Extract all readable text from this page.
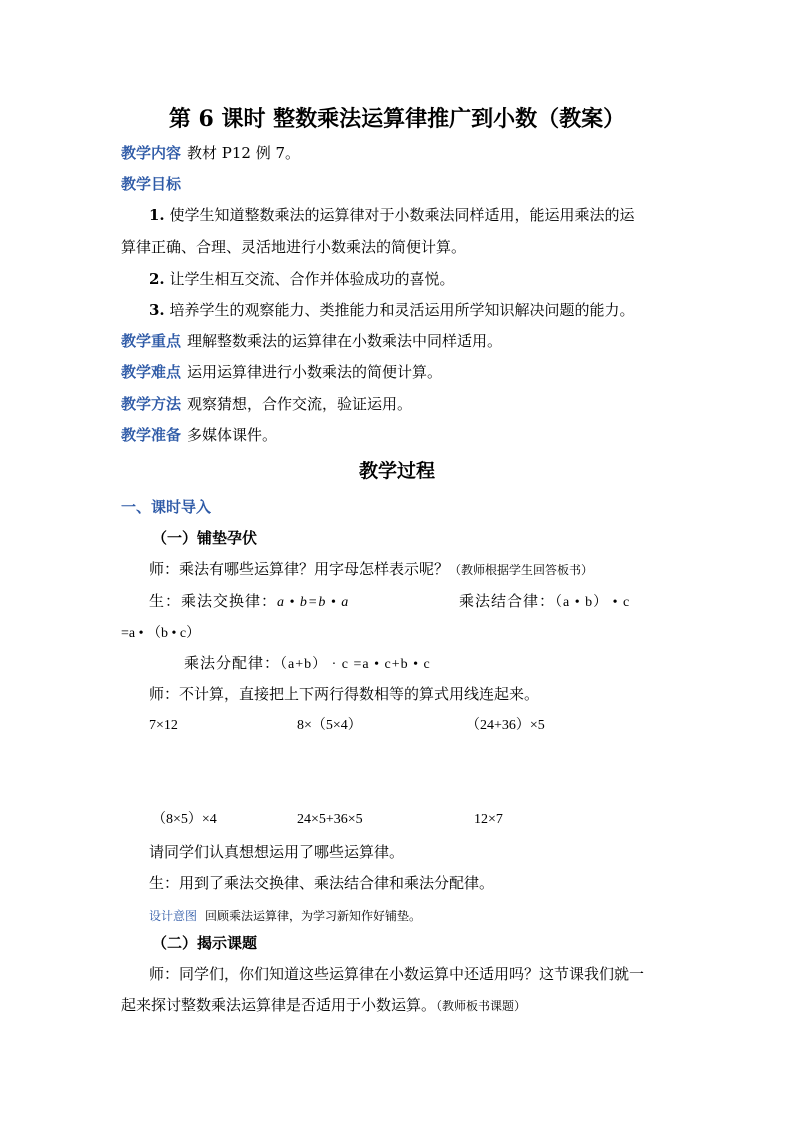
第 6 课时 整数乘法运算律推广到小数（教案）
教学内容 教材 P12 例 7。
教学目标
1. 使学生知道整数乘法的运算律对于小数乘法同样适用，能运用乘法的运
算律正确、合理、灵活地进行小数乘法的简便计算。
2. 让学生相互交流、合作并体验成功的喜悦。
3. 培养学生的观察能力、类推能力和灵活运用所学知识解决问题的能力。
教学重点 理解整数乘法的运算律在小数乘法中同样适用。
教学难点 运用运算律进行小数乘法的简便计算。
教学方法 观察猜想，合作交流，验证运用。
教学准备 多媒体课件。
教学过程
一、课时导入
（一）铺垫孕伏
师：乘法有哪些运算律？用字母怎样表示呢？（教师根据学生回答板书）
生：乘法交换律：a • b=b • a	乘法结合律：（a • b） • c
=a • （b • c）
乘法分配律：（a+b） · c =a • c+b • c
师：不计算，直接把上下两行得数相等的算式用线连起来。
7×12	8×（5×4）	（24+36）×5
（8×5）×4	24×5+36×5	12×7
请同学们认真想想运用了哪些运算律。
生：用到了乘法交换律、乘法结合律和乘法分配律。
设计意图 回顾乘法运算律，为学习新知作好铺垫。
（二）揭示课题
师：同学们，你们知道这些运算律在小数运算中还适用吗？这节课我们就一
起来探讨整数乘法运算律是否适用于小数运算。（教师板书课题）
